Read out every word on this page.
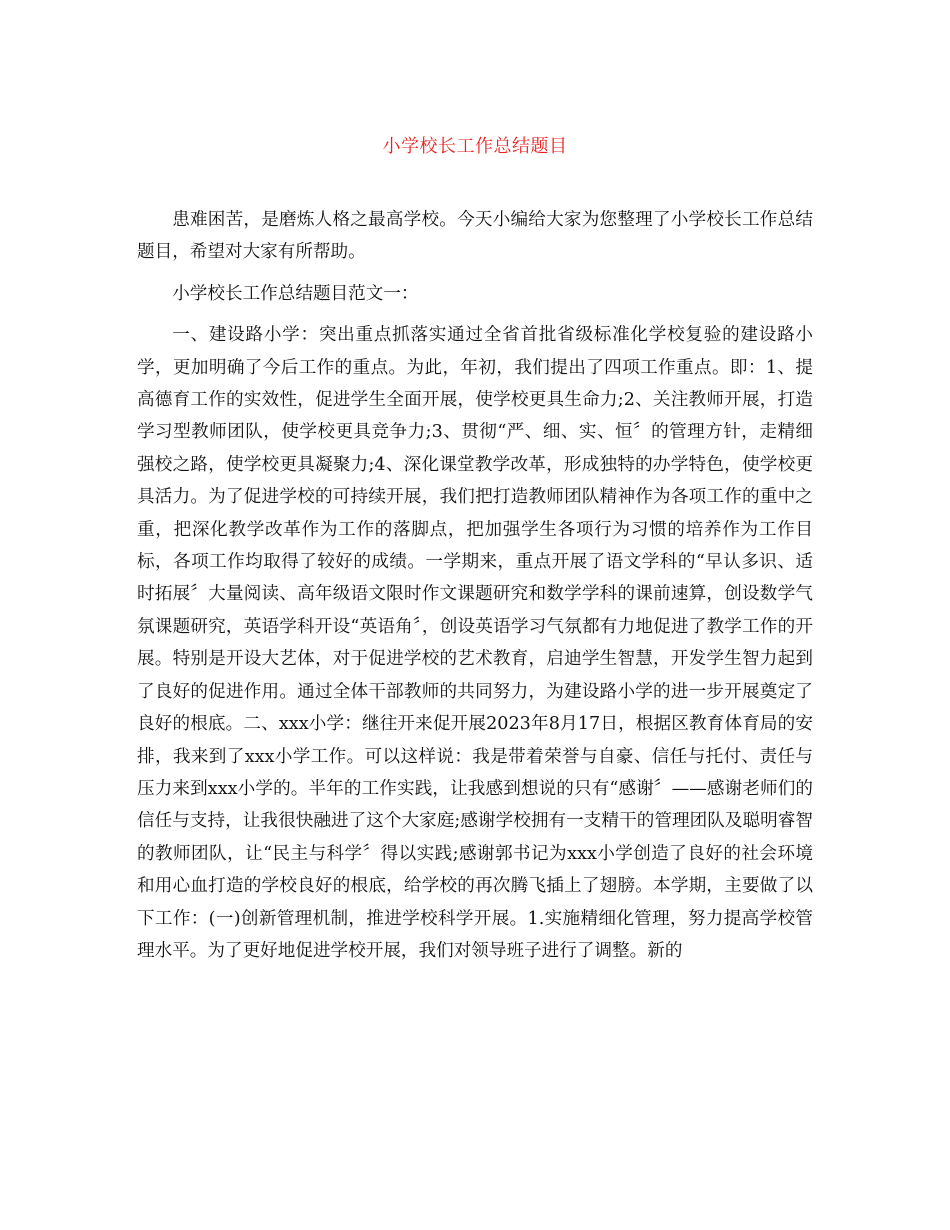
小学校长工作总结题目

患难困苦，是磨炼人格之最高学校。今天小编给大家为您整理了小学校长工作总结题目，希望对大家有所帮助。

小学校长工作总结题目范文一：

一、建设路小学：突出重点抓落实通过全省首批省级标准化学校复验的建设路小学，更加明确了今后工作的重点。为此，年初，我们提出了四项工作重点。即：1、提高德育工作的实效性，促进学生全面开展，使学校更具生命力;2、关注教师开展，打造学习型教师团队，使学校更具竞争力;3、贯彻“严、细、实、恒〞的管理方针，走精细强校之路，使学校更具凝聚力;4、深化课堂教学改革，形成独特的办学特色，使学校更具活力。为了促进学校的可持续开展，我们把打造教师团队精神作为各项工作的重中之重，把深化教学改革作为工作的落脚点，把加强学生各项行为习惯的培养作为工作目标，各项工作均取得了较好的成绩。一学期来，重点开展了语文学科的“早认多识、适时拓展〞大量阅读、高年级语文限时作文课题研究和数学学科的课前速算，创设数学气氛课题研究，英语学科开设“英语角〞，创设英语学习气氛都有力地促进了教学工作的开展。特别是开设大艺体，对于促进学校的艺术教育，启迪学生智慧，开发学生智力起到了良好的促进作用。通过全体干部教师的共同努力，为建设路小学的进一步开展奠定了良好的根底。二、xxx小学：继往开来促开展2023年8月17日，根据区教育体育局的安排，我来到了xxx小学工作。可以这样说：我是带着荣誉与自豪、信任与托付、责任与压力来到xxx小学的。半年的工作实践，让我感到想说的只有“感谢〞——感谢老师们的信任与支持，让我很快融进了这个大家庭;感谢学校拥有一支精干的管理团队及聪明睿智的教师团队，让“民主与科学〞得以实践;感谢郭书记为xxx小学创造了良好的社会环境和用心血打造的学校良好的根底，给学校的再次腾飞插上了翅膀。本学期，主要做了以下工作：(一)创新管理机制，推进学校科学开展。1.实施精细化管理，努力提高学校管理水平。为了更好地促进学校开展，我们对领导班子进行了调整。新的
